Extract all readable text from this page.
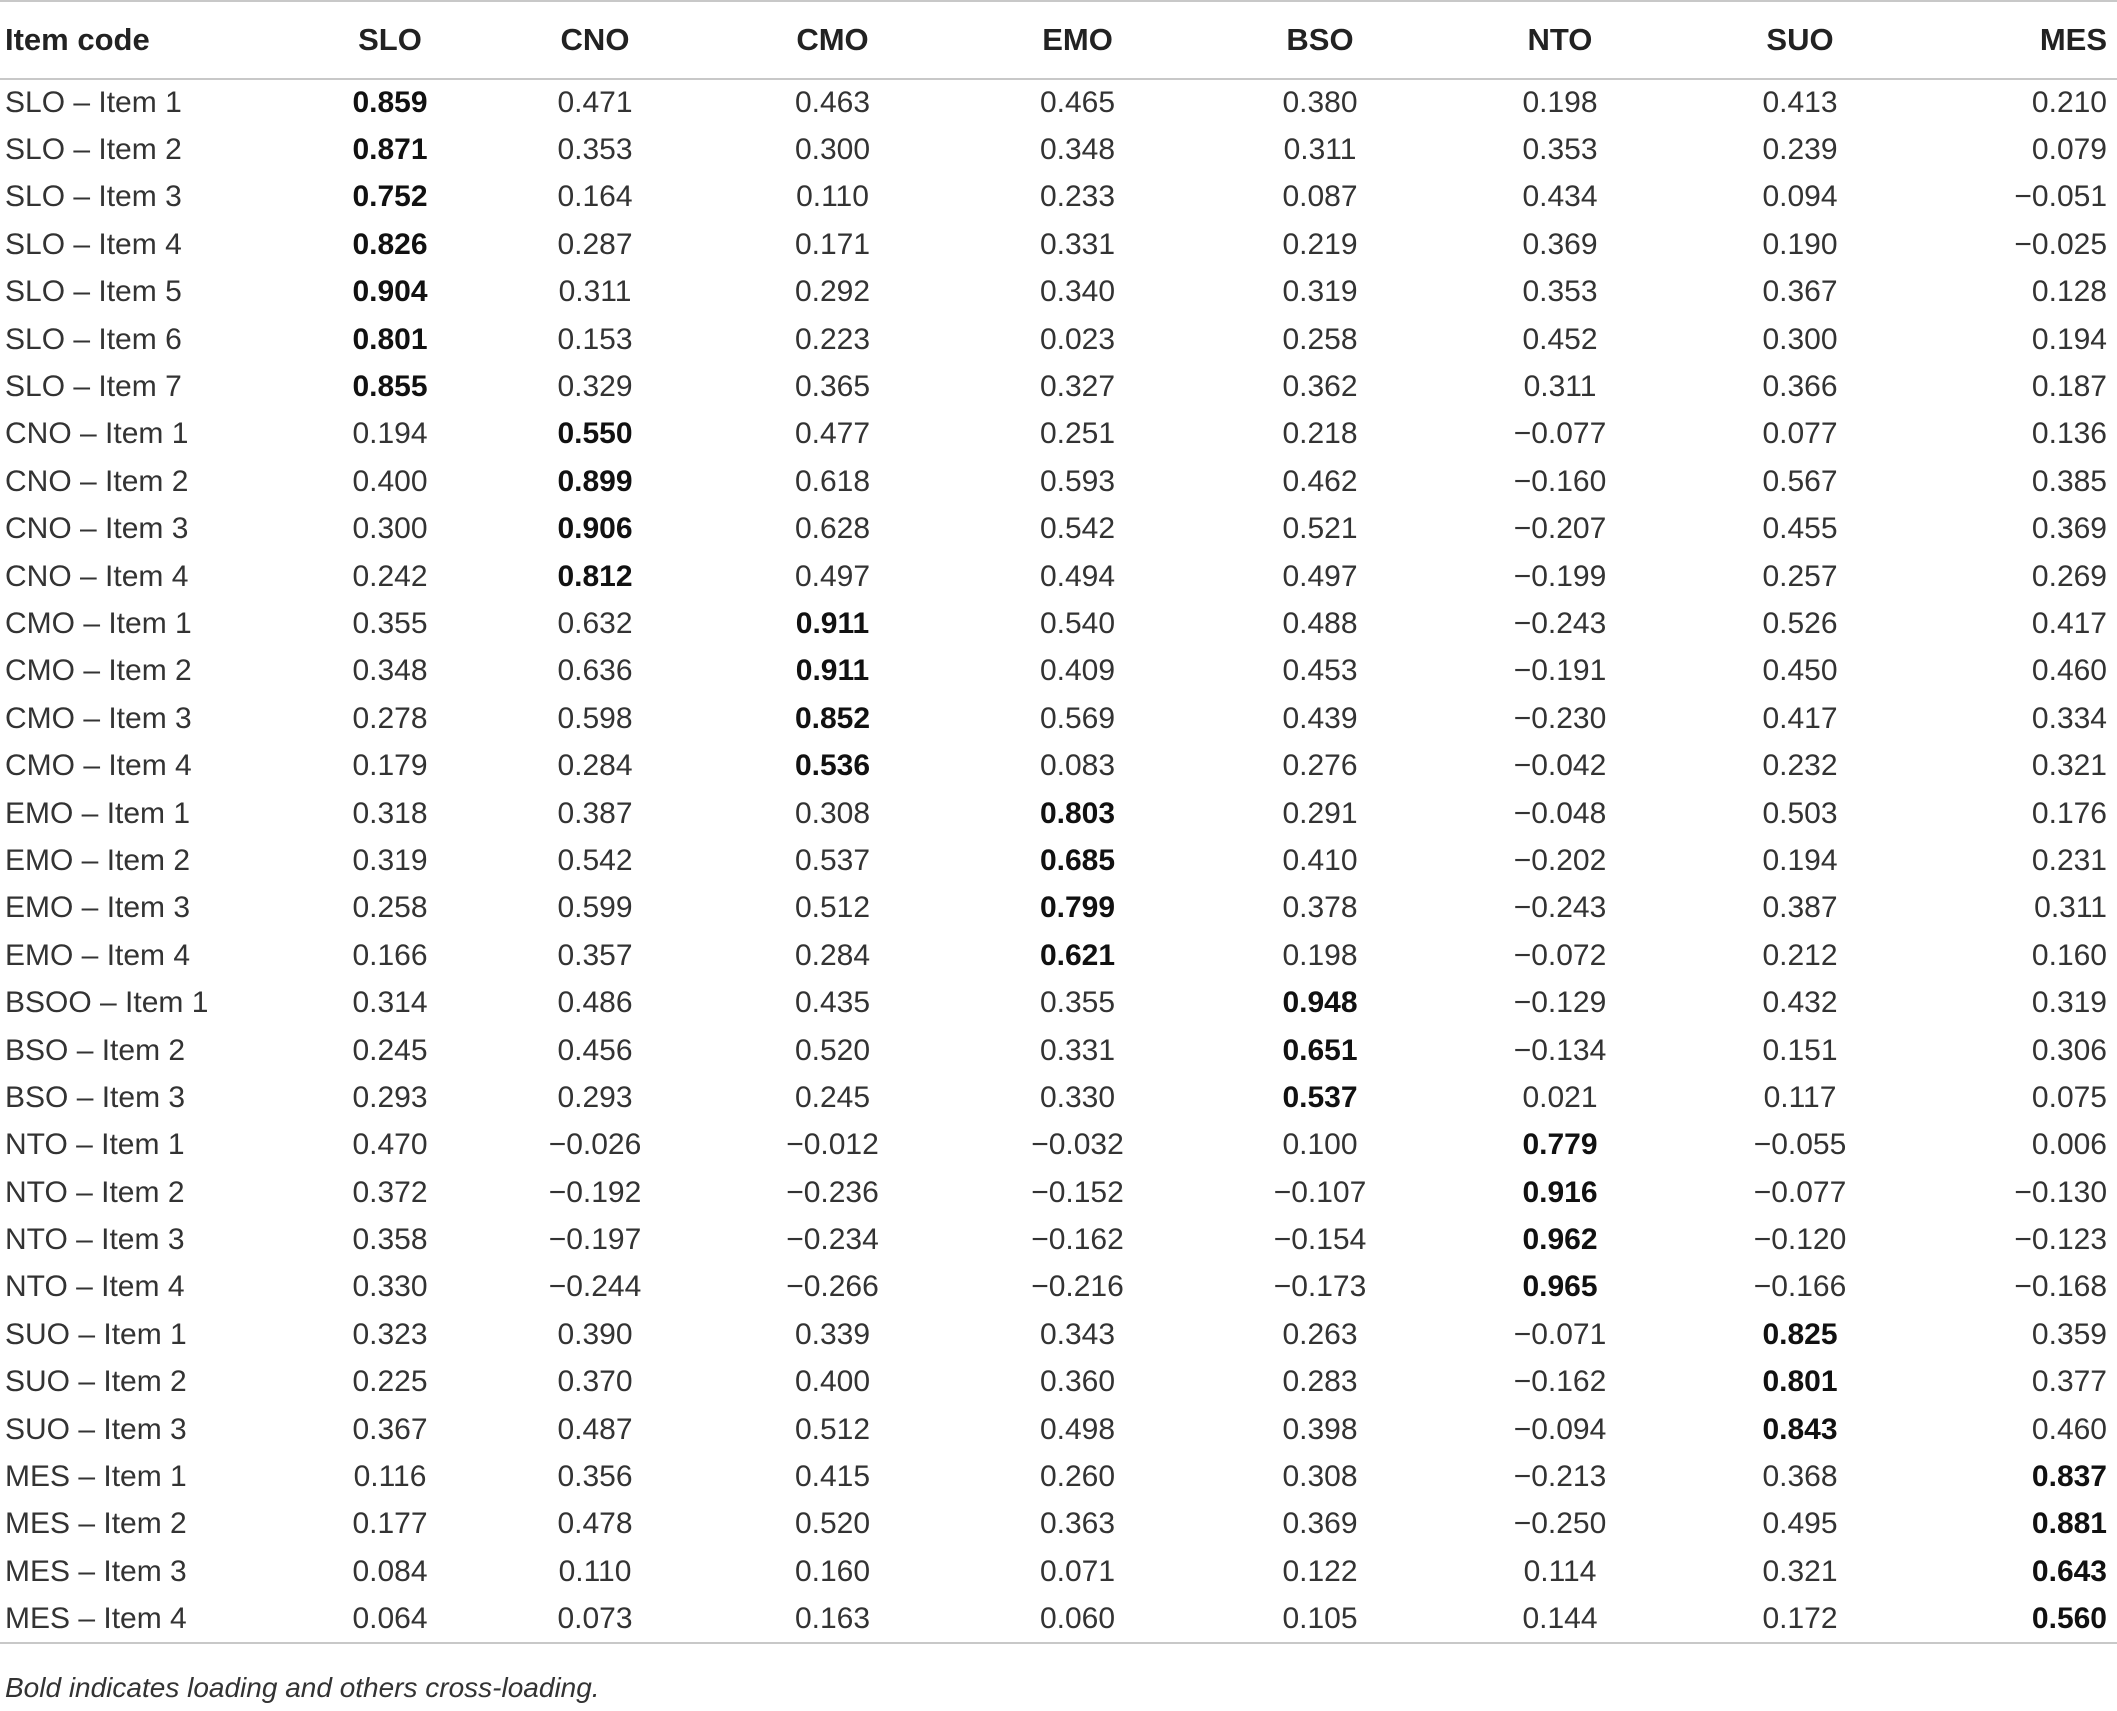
Item code	SLO	CNO	CMO	EMO	BSO	NTO	SUO	MES
SLO – Item 1	0.859	0.471	0.463	0.465	0.380	0.198	0.413	0.210
SLO – Item 2	0.871	0.353	0.300	0.348	0.311	0.353	0.239	0.079
SLO – Item 3	0.752	0.164	0.110	0.233	0.087	0.434	0.094	−0.051
SLO – Item 4	0.826	0.287	0.171	0.331	0.219	0.369	0.190	−0.025
SLO – Item 5	0.904	0.311	0.292	0.340	0.319	0.353	0.367	0.128
SLO – Item 6	0.801	0.153	0.223	0.023	0.258	0.452	0.300	0.194
SLO – Item 7	0.855	0.329	0.365	0.327	0.362	0.311	0.366	0.187
CNO – Item 1	0.194	0.550	0.477	0.251	0.218	−0.077	0.077	0.136
CNO – Item 2	0.400	0.899	0.618	0.593	0.462	−0.160	0.567	0.385
CNO – Item 3	0.300	0.906	0.628	0.542	0.521	−0.207	0.455	0.369
CNO – Item 4	0.242	0.812	0.497	0.494	0.497	−0.199	0.257	0.269
CMO – Item 1	0.355	0.632	0.911	0.540	0.488	−0.243	0.526	0.417
CMO – Item 2	0.348	0.636	0.911	0.409	0.453	−0.191	0.450	0.460
CMO – Item 3	0.278	0.598	0.852	0.569	0.439	−0.230	0.417	0.334
CMO – Item 4	0.179	0.284	0.536	0.083	0.276	−0.042	0.232	0.321
EMO – Item 1	0.318	0.387	0.308	0.803	0.291	−0.048	0.503	0.176
EMO – Item 2	0.319	0.542	0.537	0.685	0.410	−0.202	0.194	0.231
EMO – Item 3	0.258	0.599	0.512	0.799	0.378	−0.243	0.387	0.311
EMO – Item 4	0.166	0.357	0.284	0.621	0.198	−0.072	0.212	0.160
BSOO – Item 1	0.314	0.486	0.435	0.355	0.948	−0.129	0.432	0.319
BSO – Item 2	0.245	0.456	0.520	0.331	0.651	−0.134	0.151	0.306
BSO – Item 3	0.293	0.293	0.245	0.330	0.537	0.021	0.117	0.075
NTO – Item 1	0.470	−0.026	−0.012	−0.032	0.100	0.779	−0.055	0.006
NTO – Item 2	0.372	−0.192	−0.236	−0.152	−0.107	0.916	−0.077	−0.130
NTO – Item 3	0.358	−0.197	−0.234	−0.162	−0.154	0.962	−0.120	−0.123
NTO – Item 4	0.330	−0.244	−0.266	−0.216	−0.173	0.965	−0.166	−0.168
SUO – Item 1	0.323	0.390	0.339	0.343	0.263	−0.071	0.825	0.359
SUO – Item 2	0.225	0.370	0.400	0.360	0.283	−0.162	0.801	0.377
SUO – Item 3	0.367	0.487	0.512	0.498	0.398	−0.094	0.843	0.460
MES – Item 1	0.116	0.356	0.415	0.260	0.308	−0.213	0.368	0.837
MES – Item 2	0.177	0.478	0.520	0.363	0.369	−0.250	0.495	0.881
MES – Item 3	0.084	0.110	0.160	0.071	0.122	0.114	0.321	0.643
MES – Item 4	0.064	0.073	0.163	0.060	0.105	0.144	0.172	0.560
Bold indicates loading and others cross-loading.
